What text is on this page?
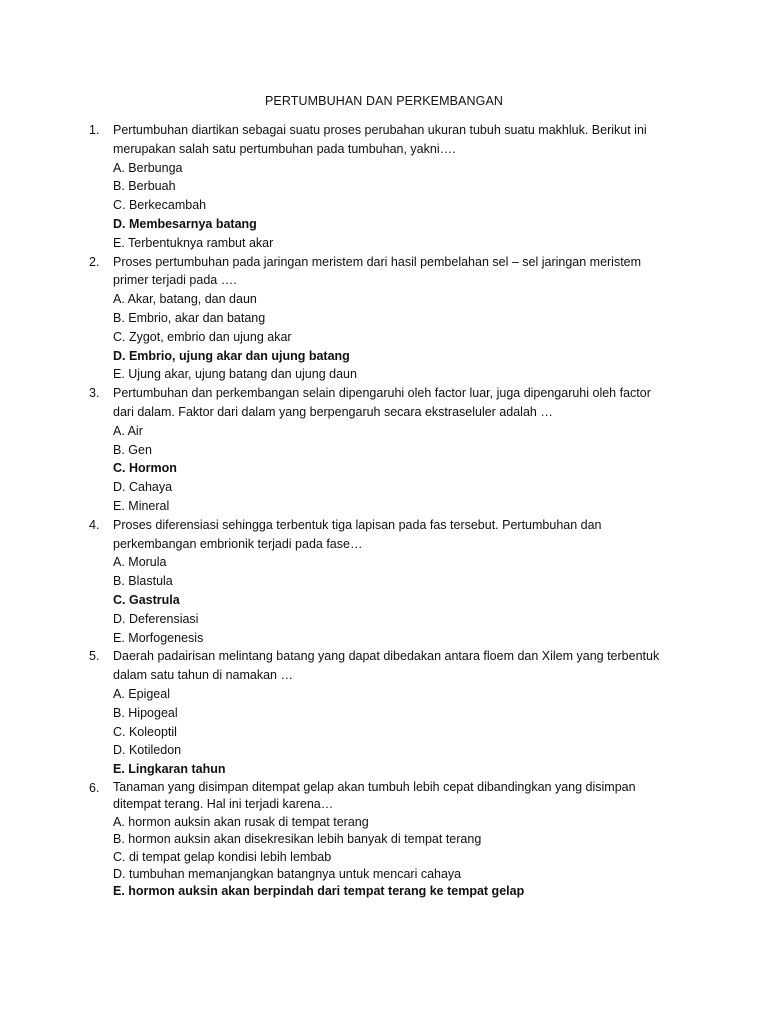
PERTUMBUHAN DAN PERKEMBANGAN
1. Pertumbuhan diartikan sebagai suatu proses perubahan ukuran tubuh suatu makhluk. Berikut ini
merupakan salah satu pertumbuhan pada tumbuhan, yakni….
A. Berbunga
B. Berbuah
C. Berkecambah
D. Membesarnya batang
E. Terbentuknya rambut akar
2. Proses pertumbuhan pada jaringan meristem dari hasil pembelahan sel – sel jaringan meristem
primer terjadi pada ….
A. Akar, batang, dan daun
B. Embrio, akar dan batang
C. Zygot, embrio dan ujung akar
D. Embrio, ujung akar dan ujung batang
E. Ujung akar, ujung batang dan ujung daun
3. Pertumbuhan dan perkembangan selain dipengaruhi oleh factor luar, juga dipengaruhi oleh factor
dari dalam. Faktor dari dalam yang berpengaruh secara ekstraseluler adalah …
A. Air
B. Gen
C. Hormon
D. Cahaya
E. Mineral
4. Proses diferensiasi sehingga terbentuk tiga lapisan pada fas tersebut. Pertumbuhan dan
perkembangan embrionik terjadi pada fase…
A. Morula
B. Blastula
C. Gastrula
D. Deferensiasi
E. Morfogenesis
5. Daerah padairisan melintang batang yang dapat dibedakan antara floem dan Xilem yang terbentuk
dalam satu tahun di namakan …
A. Epigeal
B. Hipogeal
C. Koleoptil
D. Kotiledon
E. Lingkaran tahun
6. Tanaman yang disimpan ditempat gelap akan tumbuh lebih cepat dibandingkan yang disimpan
ditempat terang. Hal ini terjadi karena…
A. hormon auksin akan rusak di tempat terang
B. hormon auksin akan disekresikan lebih banyak di tempat terang
C. di tempat gelap kondisi lebih lembab
D. tumbuhan memanjangkan batangnya untuk mencari cahaya
E. hormon auksin akan berpindah dari tempat terang ke tempat gelap
